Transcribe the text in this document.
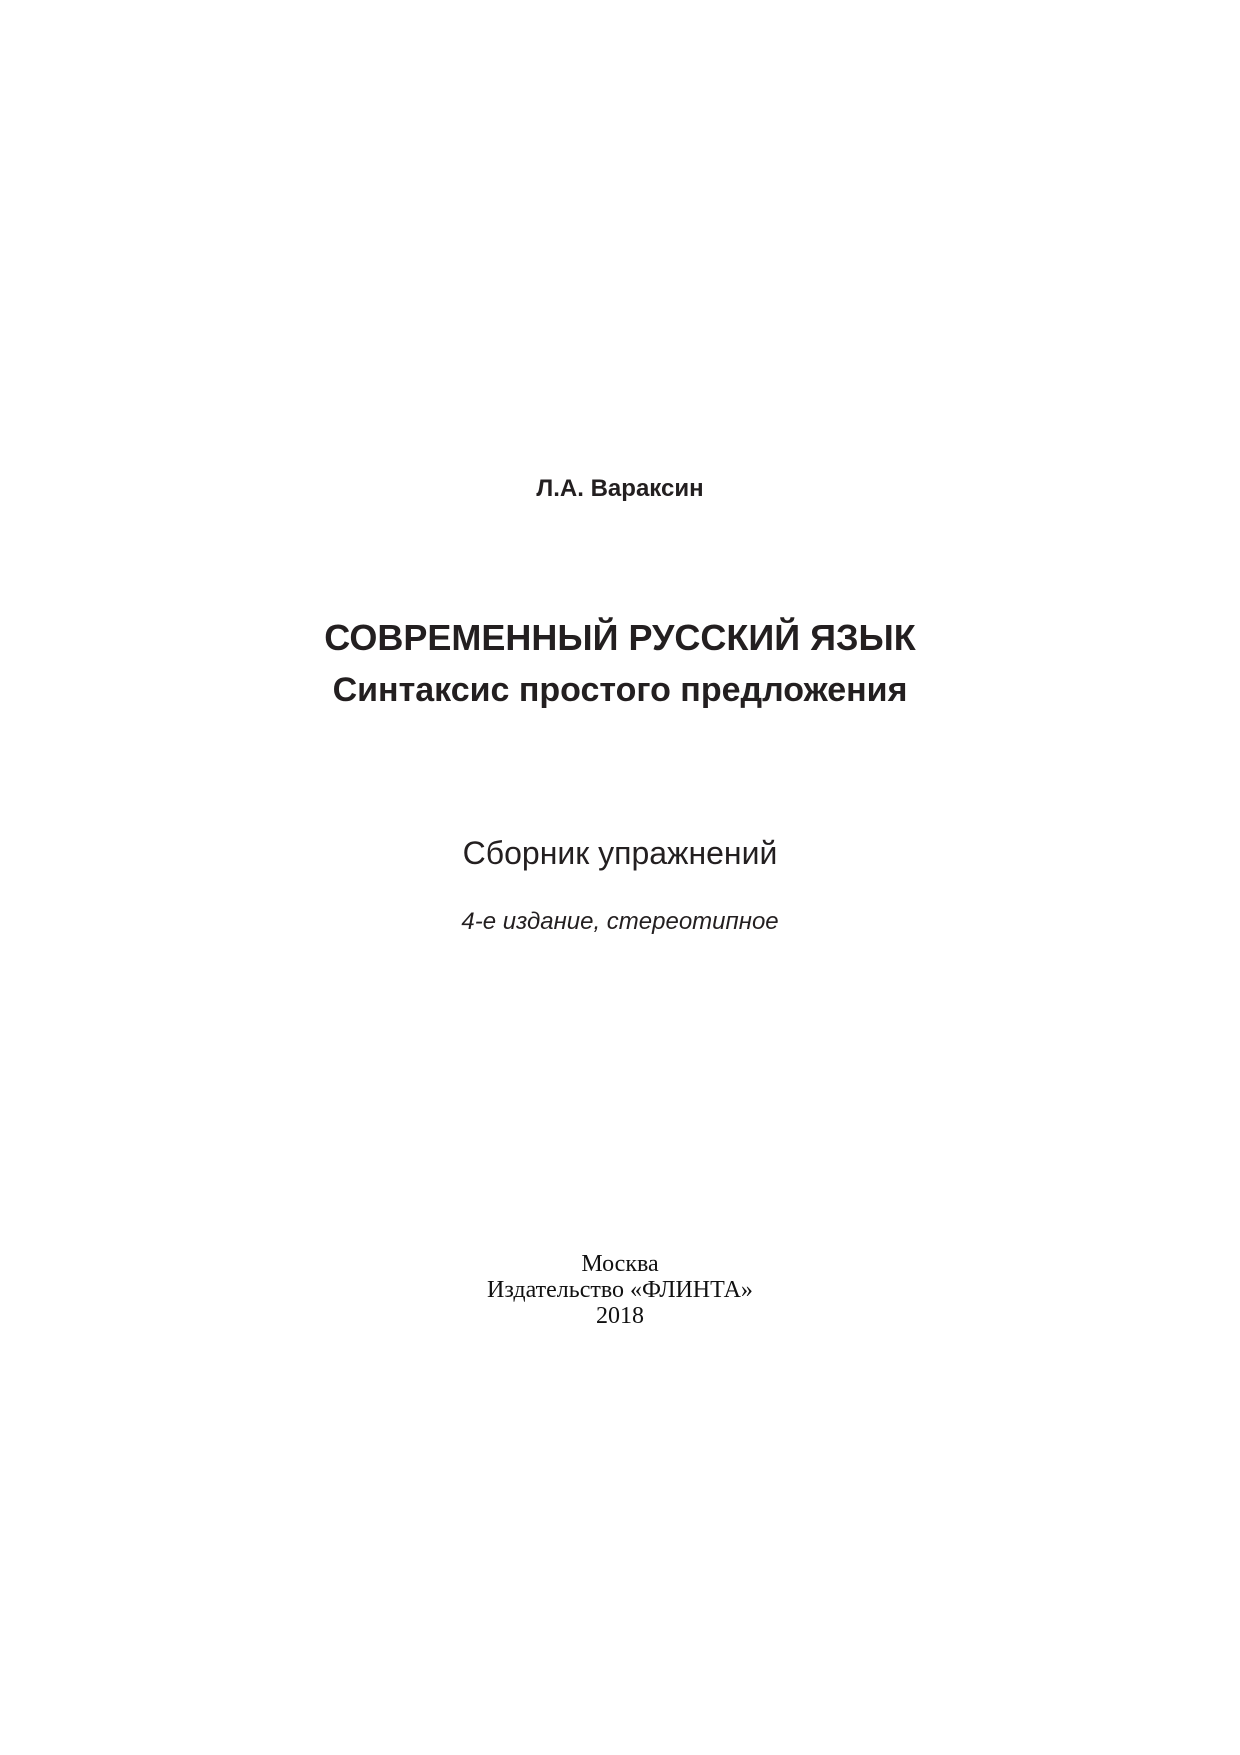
Л.А. Вараксин

СОВРЕМЕННЫЙ РУССКИЙ ЯЗЫК
Синтаксис простого предложения

Сборник упражнений

4-е издание, стереотипное

Москва

Издательство «ФЛИНТА»

2018
